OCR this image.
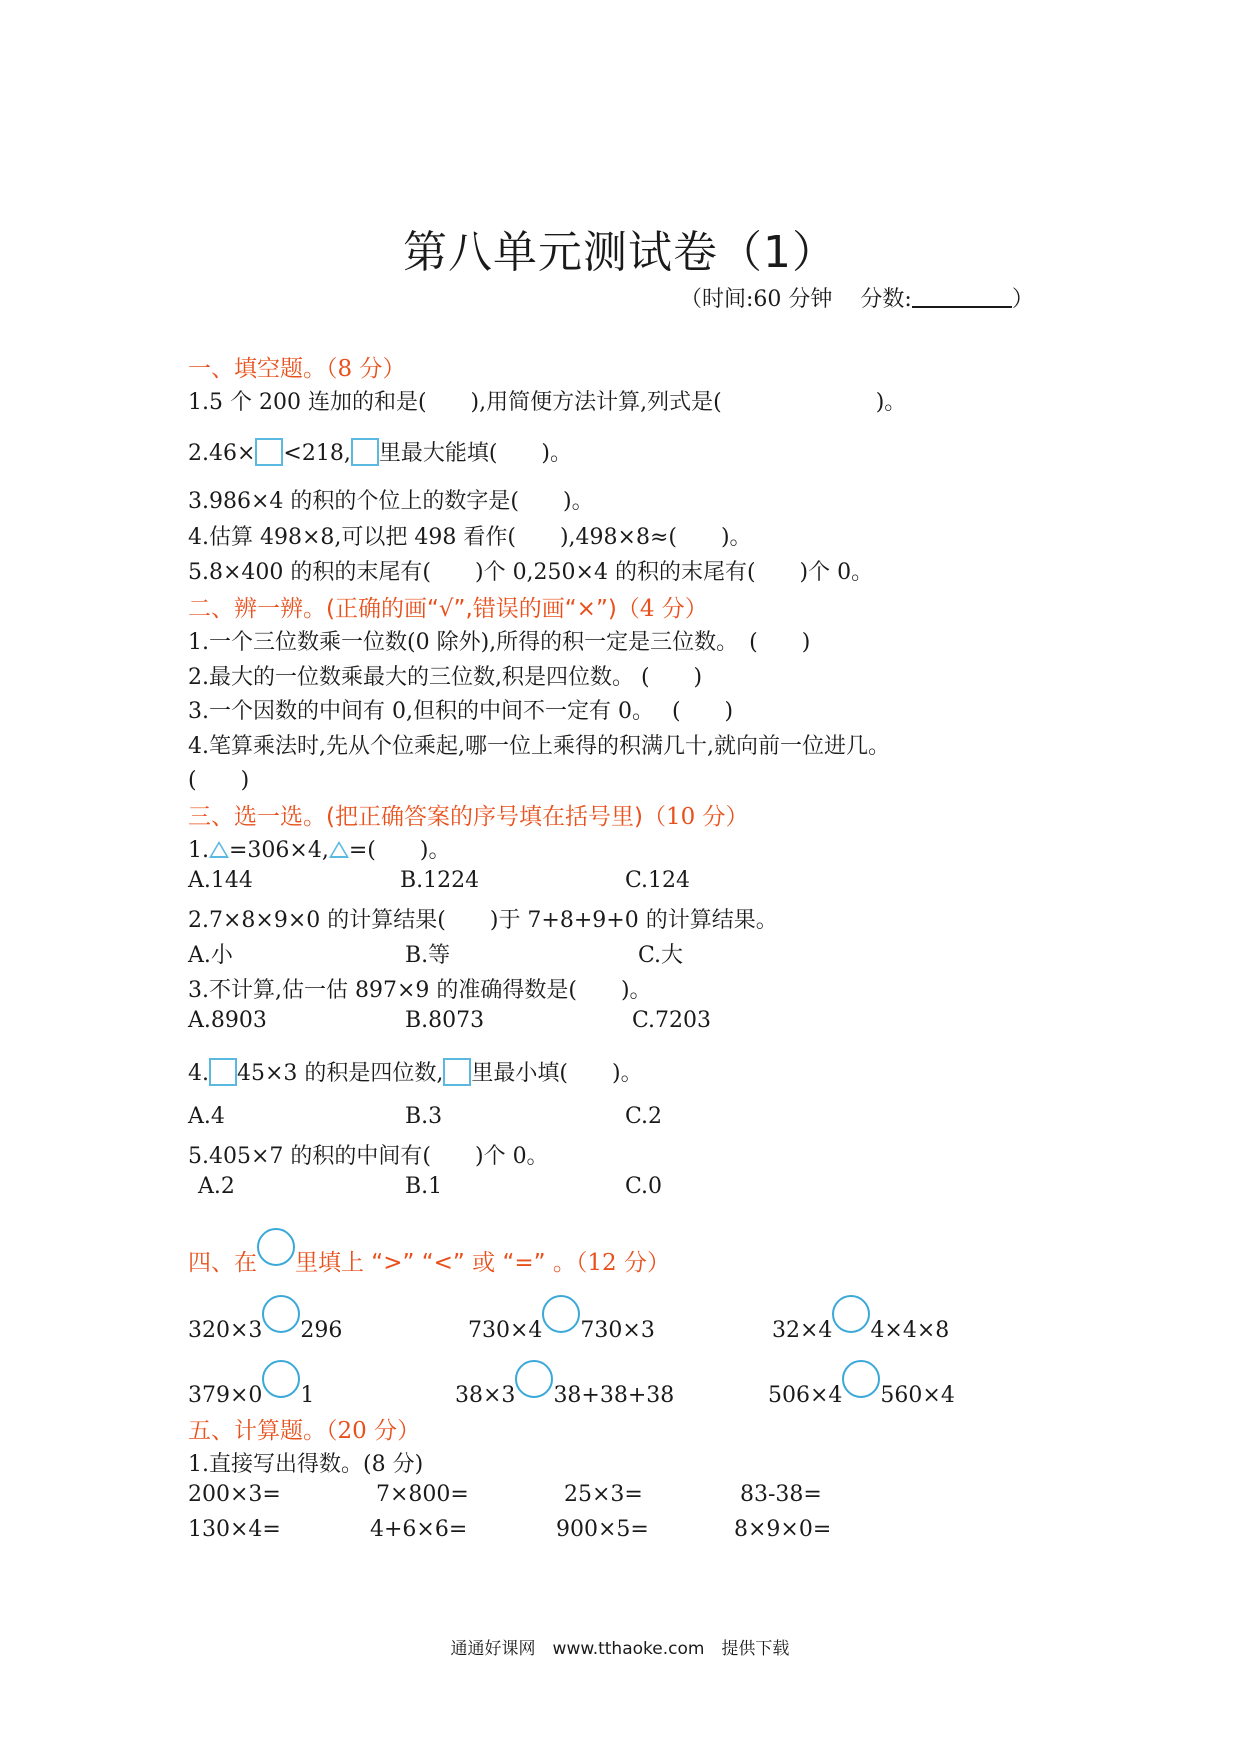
第八单元测试卷（1）
（时间:60 分钟 分数:	）
一、填空题。（8 分）
1.5 个 200 连加的和是(　　),用简便方法计算,列式是(　　　　　　　)。
2.46× <218, 里最大能填(　　)。
3.986×4 的积的个位上的数字是(　　)。
4.估算 498×8,可以把 498 看作(　　),498×8≈(　　)。
5.8×400 的积的末尾有(　　)个 0,250×4 的积的末尾有(　　)个 0。
二、辨一辨。(正确的画“√”,错误的画“×”)（4 分）
1.一个三位数乘一位数(0 除外),所得的积一定是三位数。　(　　)
2.最大的一位数乘最大的三位数,积是四位数。 (　　)
3.一个因数的中间有 0,但积的中间不一定有 0。　 (　　)
4.笔算乘法时,先从个位乘起,哪一位上乘得的积满几十,就向前一位进几。
(　　)
三、选一选。(把正确答案的序号填在括号里)（10 分）
1. =306×4, =(　　)。
A.144	B.1224	C.124
2.7×8×9×0 的计算结果(　　)于 7+8+9+0 的计算结果。
A.小	B.等	C.大
3.不计算,估一估 897×9 的准确得数是(　　)。
A.8903	B.8073	C.7203
4. 45×3 的积是四位数, 里最小填(　　)。
A.4	B.3	C.2
5.405×7 的积的中间有(　　)个 0。
A.2	B.1	C.0
四、在 里填上 “>” “<” 或 “=” 。（12 分）
320×3 296	730×4 730×3	32×4 4×4×8
379×0 1	38×3 38+38+38	506×4 560×4
五、计算题。（20 分）
1.直接写出得数。(8 分)
200×3=	7×800=	25×3=	83-38=
130×4=	4+6×6=	900×5=	8×9×0=
通通好课网　www.tthaoke.com　提供下载
